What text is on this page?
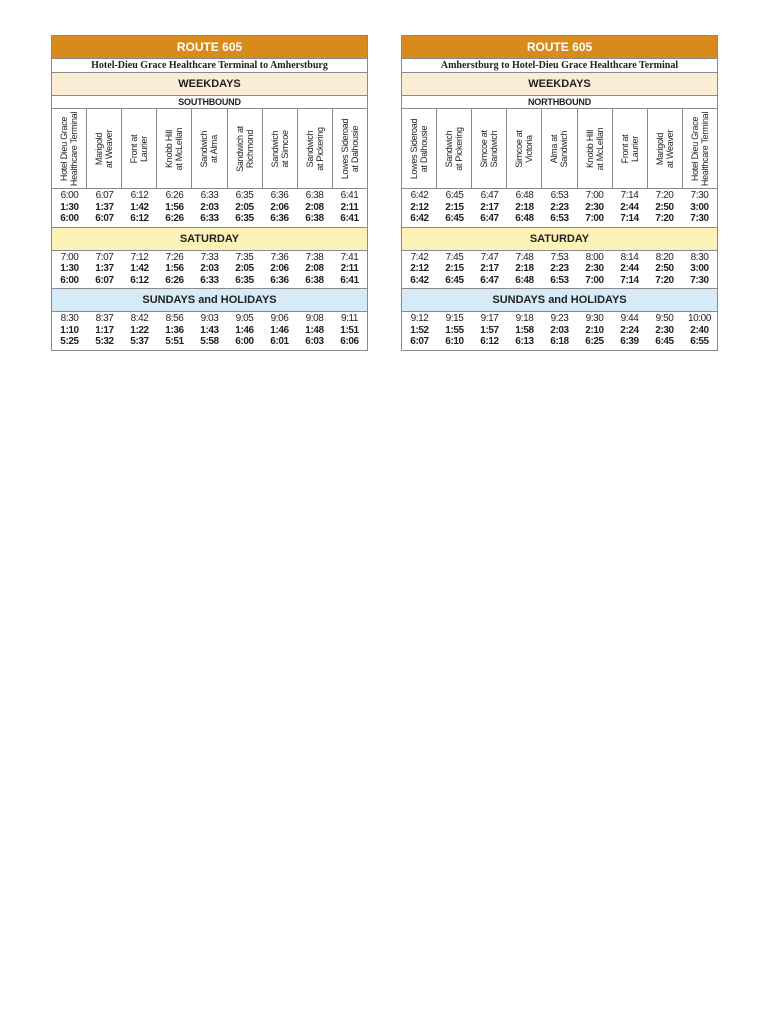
ROUTE 605
Hotel-Dieu Grace Healthcare Terminal to Amherstburg
WEEKDAYS
SOUTHBOUND
Hotel Dieu Grace Healthcare Terminal Marigold at Weaver Front at Laurier Knobb Hill at McLellan Sandwich at Alma Sandwich at Richmond Sandwich at Simcoe Sandwich at Pickering Lowes Sideroad at Dalhousie
6:00
1:30
6:00
6:07
1:37
6:07
6:12
1:42
6:12
6:26
1:56
6:26
6:33
2:03
6:33
6:35
2:05
6:35
6:36
2:06
6:36
6:38
2:08
6:38
6:41
2:11
6:41
SATURDAY
7:00
1:30
6:00
7:07
1:37
6:07
7:12
1:42
6:12
7:26
1:56
6:26
7:33
2:03
6:33
7:35
2:05
6:35
7:36
2:06
6:36
7:38
2:08
6:38
7:41
2:11
6:41
SUNDAYS and HOLIDAYS
8:30
1:10
5:25
8:37
1:17
5:32
8:42
1:22
5:37
8:56
1:36
5:51
9:03
1:43
5:58
9:05
1:46
6:00
9:06
1:46
6:01
9:08
1:48
6:03
9:11
1:51
6:06
ROUTE 605
Amherstburg to Hotel-Dieu Grace Healthcare Terminal
WEEKDAYS
NORTHBOUND
Lowes Sideroad at Dalhousie Sandwich at Pickering Simcoe at Sandwich Simcoe at Victoria Alma at Sandwich Knobb Hill at McLellan Front at Laurier Marigold at Weaver Hotel Dieu Grace Healthcare Terminal
6:42
2:12
6:42
6:45
2:15
6:45
6:47
2:17
6:47
6:48
2:18
6:48
6:53
2:23
6:53
7:00
2:30
7:00
7:14
2:44
7:14
7:20
2:50
7:20
7:30
3:00
7:30
SATURDAY
7:42
2:12
6:42
7:45
2:15
6:45
7:47
2:17
6:47
7:48
2:18
6:48
7:53
2:23
6:53
8:00
2:30
7:00
8:14
2:44
7:14
8:20
2:50
7:20
8:30
3:00
7:30
SUNDAYS and HOLIDAYS
9:12
1:52
6:07
9:15
1:55
6:10
9:17
1:57
6:12
9:18
1:58
6:13
9:23
2:03
6:18
9:30
2:10
6:25
9:44
2:24
6:39
9:50
2:30
6:45
10:00
2:40
6:55
